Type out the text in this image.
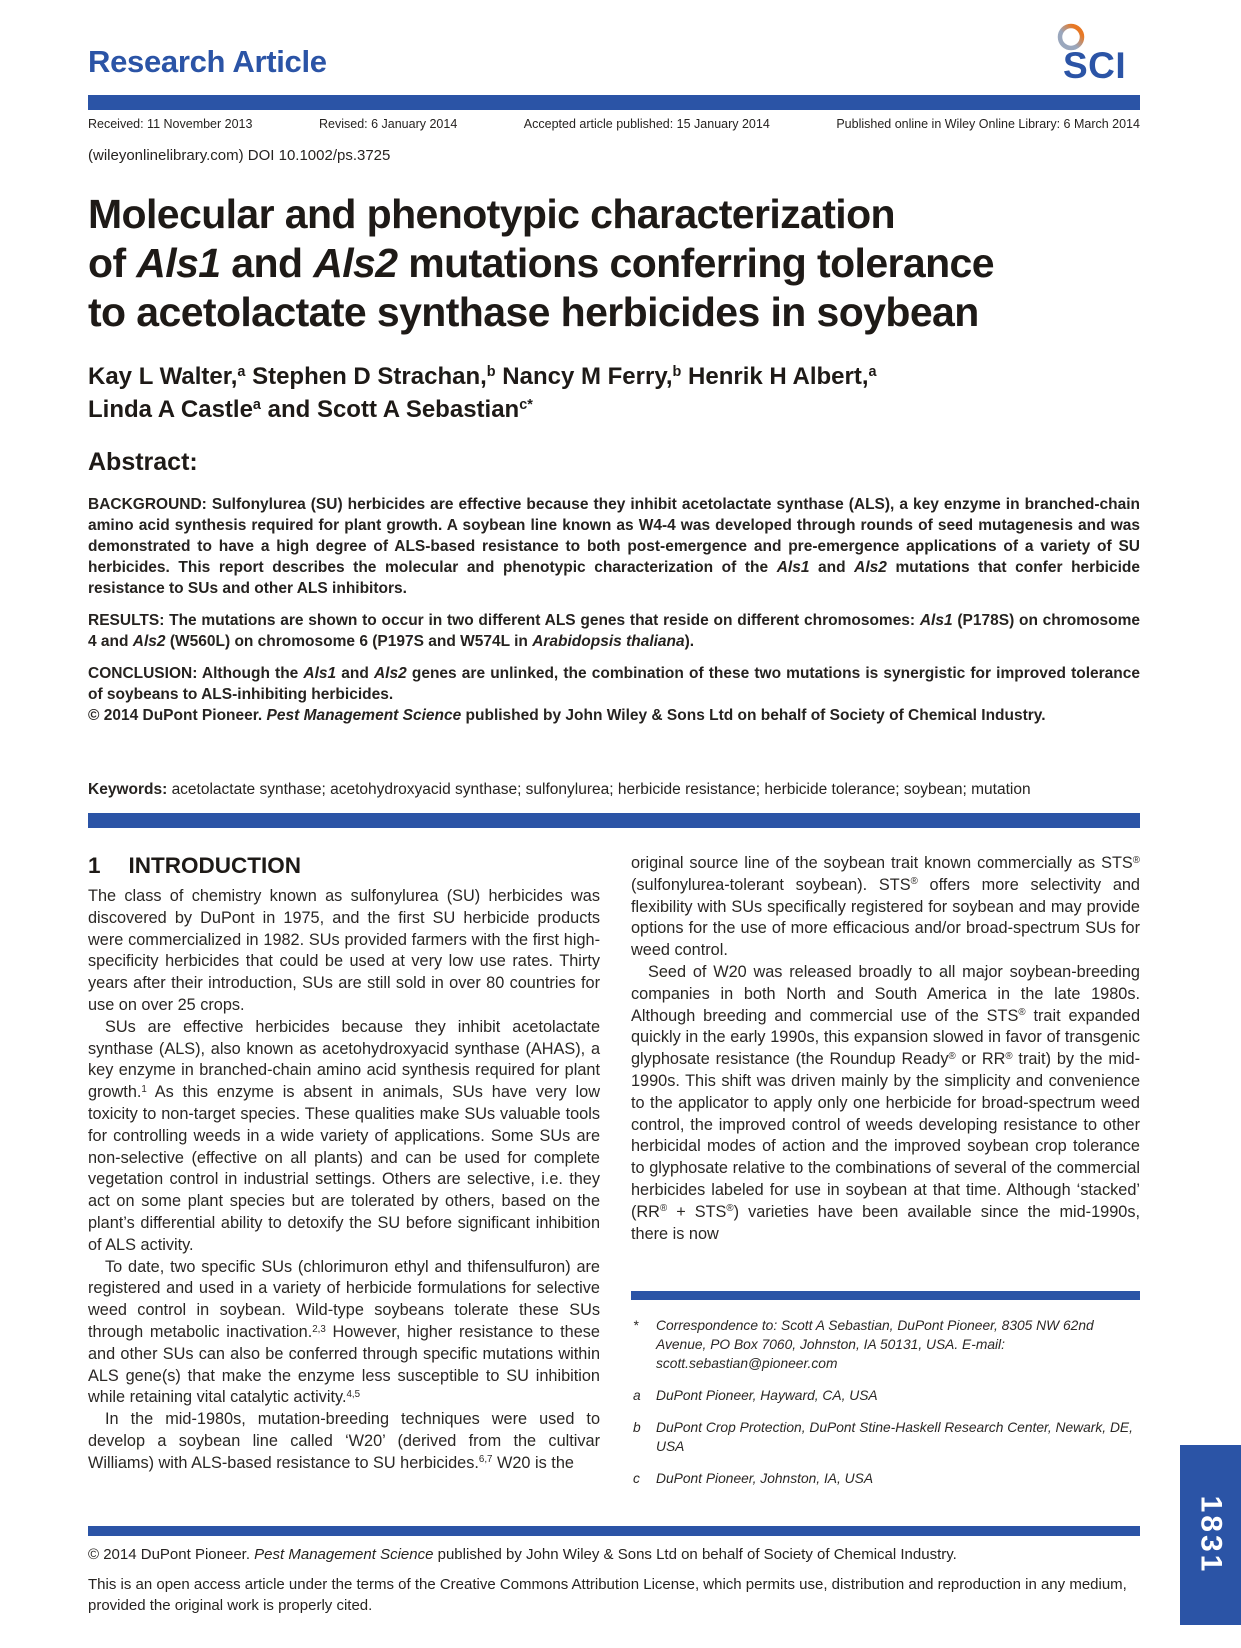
Research Article	SCI
Received: 11 November 2013	Revised: 6 January 2014	Accepted article published: 15 January 2014	Published online in Wiley Online Library: 6 March 2014
(wileyonlinelibrary.com) DOI 10.1002/ps.3725
Molecular and phenotypic characterization
of Als1 and Als2 mutations conferring tolerance
to acetolactate synthase herbicides in soybean
Kay L Walter,$^a$ Stephen D Strachan,$^b$ Nancy M Ferry,$^b$ Henrik H Albert,$^a$
Linda A Castle$^a$ and Scott A Sebastian$^{c*}$
Abstract:

BACKGROUND: Sulfonylurea (SU) herbicides are effective because they inhibit acetolactate synthase (ALS), a key enzyme in branched-chain amino acid synthesis required for plant growth. A soybean line known as W4-4 was developed through rounds of seed mutagenesis and was demonstrated to have a high degree of ALS-based resistance to both post-emergence and pre-emergence applications of a variety of SU herbicides. This report describes the molecular and phenotypic characterization of the Als1 and Als2 mutations that confer herbicide resistance to SUs and other ALS inhibitors.

RESULTS: The mutations are shown to occur in two different ALS genes that reside on different chromosomes: Als1 (P178S) on chromosome 4 and Als2 (W560L) on chromosome 6 (P197S and W574L in Arabidopsis thaliana).

CONCLUSION: Although the Als1 and Als2 genes are unlinked, the combination of these two mutations is synergistic for improved tolerance of soybeans to ALS-inhibiting herbicides.

© 2014 DuPont Pioneer. Pest Management Science published by John Wiley & Sons Ltd on behalf of Society of Chemical Industry.
Keywords: acetolactate synthase; acetohydroxyacid synthase; sulfonylurea; herbicide resistance; herbicide tolerance; soybean; mutation
1 INTRODUCTION

The class of chemistry known as sulfonylurea (SU) herbicides was discovered by DuPont in 1975, and the first SU herbicide products were commercialized in 1982. SUs provided farmers with the first high-specificity herbicides that could be used at very low use rates. Thirty years after their introduction, SUs are still sold in over 80 countries for use on over 25 crops.

SUs are effective herbicides because they inhibit acetolactate synthase (ALS), also known as acetohydroxyacid synthase (AHAS), a key enzyme in branched-chain amino acid synthesis required for plant growth.$^1$ As this enzyme is absent in animals, SUs have very low toxicity to non-target species. These qualities make SUs valuable tools for controlling weeds in a wide variety of applications. Some SUs are non-selective (effective on all plants) and can be used for complete vegetation control in industrial settings. Others are selective, i.e. they act on some plant species but are tolerated by others, based on the plant’s differential ability to detoxify the SU before significant inhibition of ALS activity.

To date, two specific SUs (chlorimuron ethyl and thifensulfuron) are registered and used in a variety of herbicide formulations for selective weed control in soybean. Wild-type soybeans tolerate these SUs through metabolic inactivation.$^{2,3}$ However, higher resistance to these and other SUs can also be conferred through specific mutations within ALS gene(s) that make the enzyme less susceptible to SU inhibition while retaining vital catalytic activity.$^{4,5}$

In the mid-1980s, mutation-breeding techniques were used to develop a soybean line called ‘W20’ (derived from the cultivar Williams) with ALS-based resistance to SU herbicides.$^{6,7}$ W20 is the

original source line of the soybean trait known commercially as STS® (sulfonylurea-tolerant soybean). STS® offers more selectivity and flexibility with SUs specifically registered for soybean and may provide options for the use of more efficacious and/or broad-spectrum SUs for weed control.

Seed of W20 was released broadly to all major soybean-breeding companies in both North and South America in the late 1980s. Although breeding and commercial use of the STS® trait expanded quickly in the early 1990s, this expansion slowed in favor of transgenic glyphosate resistance (the Roundup Ready® or RR® trait) by the mid-1990s. This shift was driven mainly by the simplicity and convenience to the applicator to apply only one herbicide for broad-spectrum weed control, the improved control of weeds developing resistance to other herbicidal modes of action and the improved soybean crop tolerance to glyphosate relative to the combinations of several of the commercial herbicides labeled for use in soybean at that time. Although ‘stacked’ (RR® + STS®) varieties have been available since the mid-1990s, there is now

*	Correspondence to: Scott A Sebastian, DuPont Pioneer, 8305 NW 62nd Avenue, PO Box 7060, Johnston, IA 50131, USA. E-mail: scott.sebastian@pioneer.com
a	DuPont Pioneer, Hayward, CA, USA
b	DuPont Crop Protection, DuPont Stine-Haskell Research Center, Newark, DE, USA
c	DuPont Pioneer, Johnston, IA, USA
© 2014 DuPont Pioneer. Pest Management Science published by John Wiley & Sons Ltd on behalf of Society of Chemical Industry.
This is an open access article under the terms of the Creative Commons Attribution License, which permits use, distribution and reproduction in any medium, provided the original work is properly cited.
1831
